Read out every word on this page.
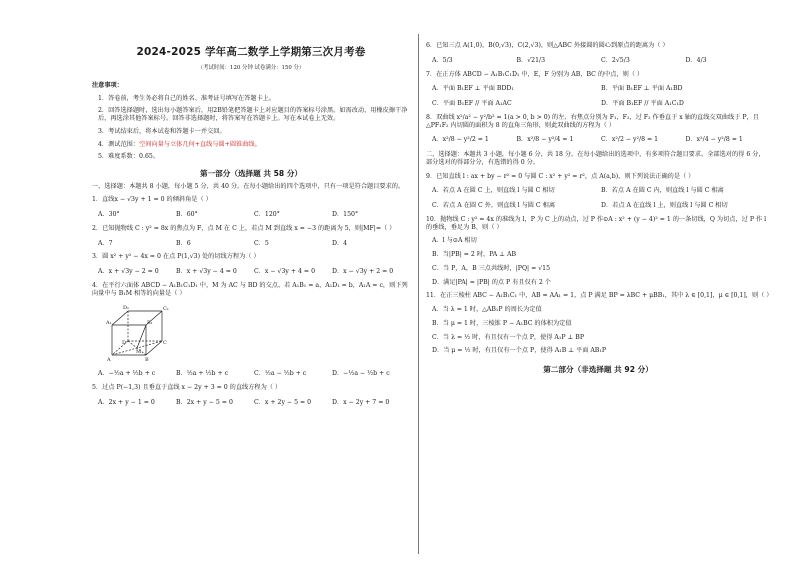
2024-2025 学年高二数学上学期第三次月考卷
（考试时间：120 分钟 试卷满分：150 分）
注意事项：

1．答卷前，考生务必将自己的姓名、准考证号填写在答题卡上。

2．回答选择题时，选出每小题答案后，用2B铅笔把答题卡上对应题目的答案标号涂黑。如需改动，用橡皮擦干净后，再选涂其他答案标号。回答非选择题时，将答案写在答题卡上。写在本试卷上无效。

3．考试结束后，将本试卷和答题卡一并交回。

4．测试范围：空间向量与立体几何+直线与圆+圆锥曲线。

5．难度系数：0.65。

第一部分（选择题 共 58 分）

一、选择题：本题共 8 小题，每小题 5 分，共 40 分。在每小题给出的四个选项中，只有一项是符合题目要求的。

1．直线x − √3y + 1 = 0 的倾斜角是（ ）
A．30°	B．60°	C．120°	D．150°
2．已知抛物线 C : y² = 8x 的焦点为 F，点 M 在 C 上，若点 M 到直线 x = −3 的距离为 5，则|MF|=（ ）
A．7	B．6	C．5	D．4
3．圆 x² + y² − 4x = 0 在点 P(1,√3) 处的切线方程为（ ）
A．x + √3y − 2 = 0	B．x + √3y − 4 = 0	C．x − √3y + 4 = 0	D．x − √3y + 2 = 0
4．在平行六面体 ABCD − A₁B₁C₁D₁ 中，M 为 AC 与 BD 的交点，若 A₁B₁ = a，A₁D₁ = b，A₁A = c，则下列向量中与 B₁M 相等的向量是（ ）
D₁	C₁
A₁	B₁
D	C
A	B
M
A．−½a + ½b + c	B．½a + ½b + c	C．½a − ½b + c	D．−½a − ½b + c
5．过点 P(−1,3) 且垂直于直线 x − 2y + 3 = 0 的直线方程为（ ）
A．2x + y − 1 = 0	B．2x + y − 5 = 0	C．x + 2y − 5 = 0	D．x − 2y + 7 = 0
6．已知三点 A(1,0)，B(0,√3)，C(2,√3)，则△ABC 外接圆的圆心到原点的距离为（ ）
A．5/3	B．√21/3	C．2√5/3	D．4/3
7．在正方体 ABCD − A₁B₁C₁D₁ 中，E，F 分别为 AB，BC 的中点，则（ ）
A．平面 B₁EF ⊥ 平面 BDD₁	B．平面 B₁EF ⊥ 平面 A₁BD
C．平面 B₁EF // 平面 A₁AC	D．平面 B₁EF // 平面 A₁C₁D
8．双曲线 x²/a² − y²/b² = 1(a > 0, b > 0) 的左、右焦点分别为 F₁，F₂，过 F₂ 作垂直于 x 轴的直线交双曲线于 P，且△PF₁F₂ 内切圆的面积为 8 的直角三角形，则此双曲线的方程为（ ）
A．x²/8 − y²/2 = 1	B．x²/8 − y²/4 = 1	C．x²/2 − y²/8 = 1	D．x²/4 − y²/8 = 1

二、选择题：本题共 3 小题，每小题 6 分，共 18 分。在每小题给出的选项中，有多项符合题目要求。全部选对的得 6 分，部分选对的得部分分，有选错的得 0 分。

9．已知直线 l : ax + by − r² = 0 与圆 C : x² + y² = r²，点 A(a,b)，则下列说法正确的是（ ）
A．若点 A 在圆 C 上，则直线 l 与圆 C 相切	B．若点 A 在圆 C 内，则直线 l 与圆 C 相离
C．若点 A 在圆 C 外，则直线 l 与圆 C 相离	D．若点 A 在直线 l 上，则直线 l 与圆 C 相切
10．抛物线 C : y² = 4x 的准线为 l，P 为 C 上的动点，过 P 作⊙A : x² + (y − 4)² = 1 的一条切线，Q 为切点，过 P 作 l 的垂线，垂足为 B，则（ ）

A．l 与⊙A 相切

B．当|PB| = 2 时，PA ⊥ AB

C．当 P，A，B 三点共线时，|PQ| = √15

D．满足|PA| = |PB| 的点 P 有且仅有 2 个

11．在正三棱柱 ABC − A₁B₁C₁ 中，AB = AA₁ = 1，点 P 满足 BP = λBC + μBB₁，其中 λ ∈ [0,1]，μ ∈ [0,1]，则（ ）

A．当 λ = 1 时，△AB₁P 的周长为定值

B．当 μ = 1 时，三棱锥 P − A₁BC 的体积为定值

C．当 λ = ½ 时，有且仅有一个点 P，使得 A₁P ⊥ BP

D．当 μ = ½ 时，有且仅有一个点 P，使得 A₁B ⊥ 平面 AB₁P

第二部分（非选择题 共 92 分）
